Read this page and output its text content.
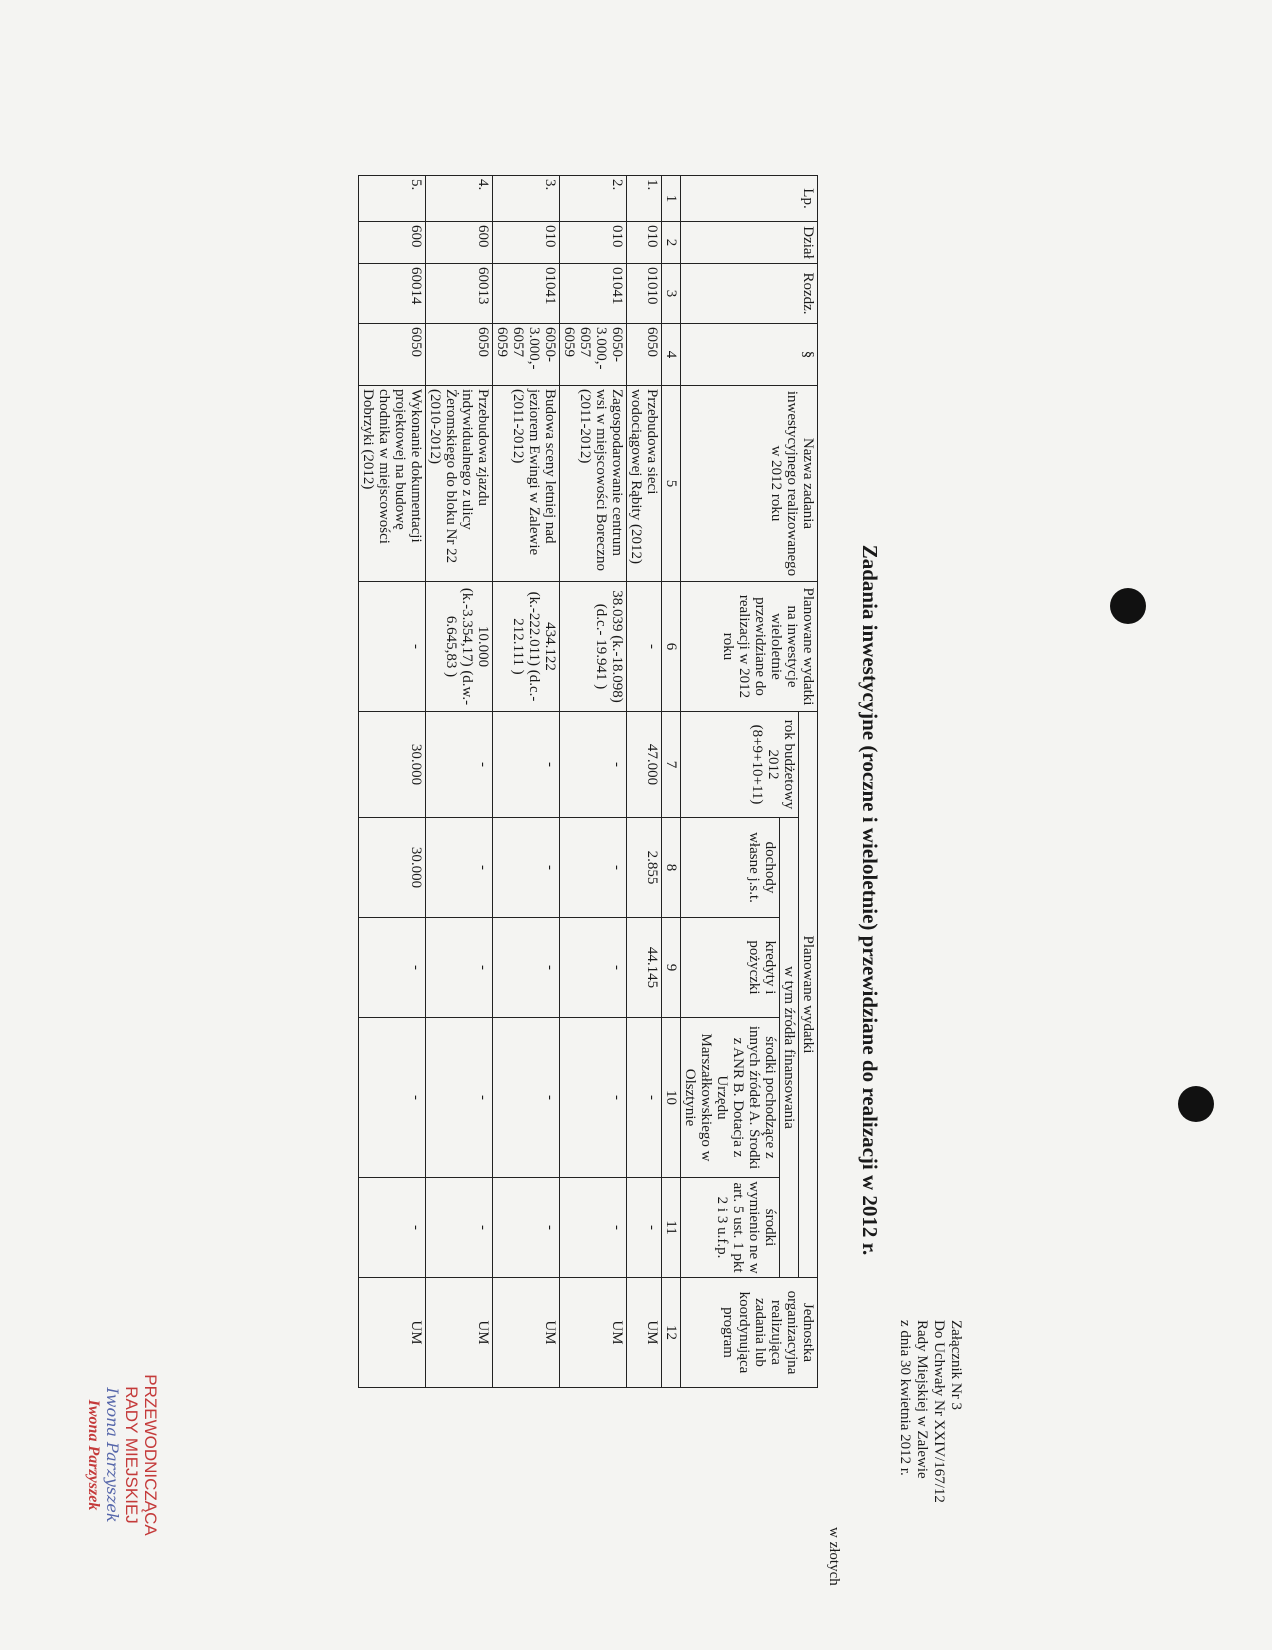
Załącznik Nr 3
Do Uchwały Nr XXIV/167/12
Rady Miejskiej w Zalewie
z dnia 30 kwietnia 2012 r.
Zadania inwestycyjne (roczne i wieloletnie) przewidziane do realizacji w 2012 r.
w złotych
Lp.	Dział	Rozdz.	§	Nazwa zadania inwestycyjnego realizowanego w 2012 roku	Planowane wydatki na inwestycje wieloletnie przewidziane do realizacji w 2012 roku	Planowane wydatki					Jednostka organizacyjna realizująca zadania lub koordynująca program
						rok budżetowy 2012 (8+9+10+11)	w tym źródła finansowania				
							dochody własne j.s.t.	kredyty i pożyczki	środki pochodzące z innych źródeł A. Środki z ANR B. Dotacja z Urzędu Marszałkowskiego w Olsztynie	środki wymienio ne w art. 5 ust. 1 pkt 2 i 3 u.f.p.	
1	2	3	4	5	6	7	8	9	10	11	12
1.	010	01010	6050	Przebudowa sieci wodociągowej Rąbity (2012)	-	47.000	2.855	44.145	-	-	UM
2.	010	01041	6050-3.000,- 6057 6059	Zagospodarowanie centrum wsi w miejscowości Boreczno (2011-2012)	38.039 (k.-18.098) (d.c.- 19.941 )	-	-	-	-	-	UM
3.	010	01041	6050-3.000,- 6057 6059	Budowa sceny letniej nad jeziorem Ewingi w Zalewie (2011-2012)	434.122 (k.-222.011) (d.c.- 212.111 )	-	-	-	-	-	UM
4.	600	60013	6050	Przebudowa zjazdu indywidualnego z ulicy Żeromskiego do bloku Nr 22 (2010-2012)	10.000 (k.-3.354,17) (d.w.- 6.645,83 )	-	-	-	-	-	UM
5.	600	60014	6050	Wykonanie dokumentacji projektowej na budowę chodnika w miejscowości Dobrzyki (2012)	-	30.000	30.000	-	-	-	UM
PRZEWODNICZĄCA
RADY MIEJSKIEJ
Iwona Parzyszek
Iwona Parzyszek
